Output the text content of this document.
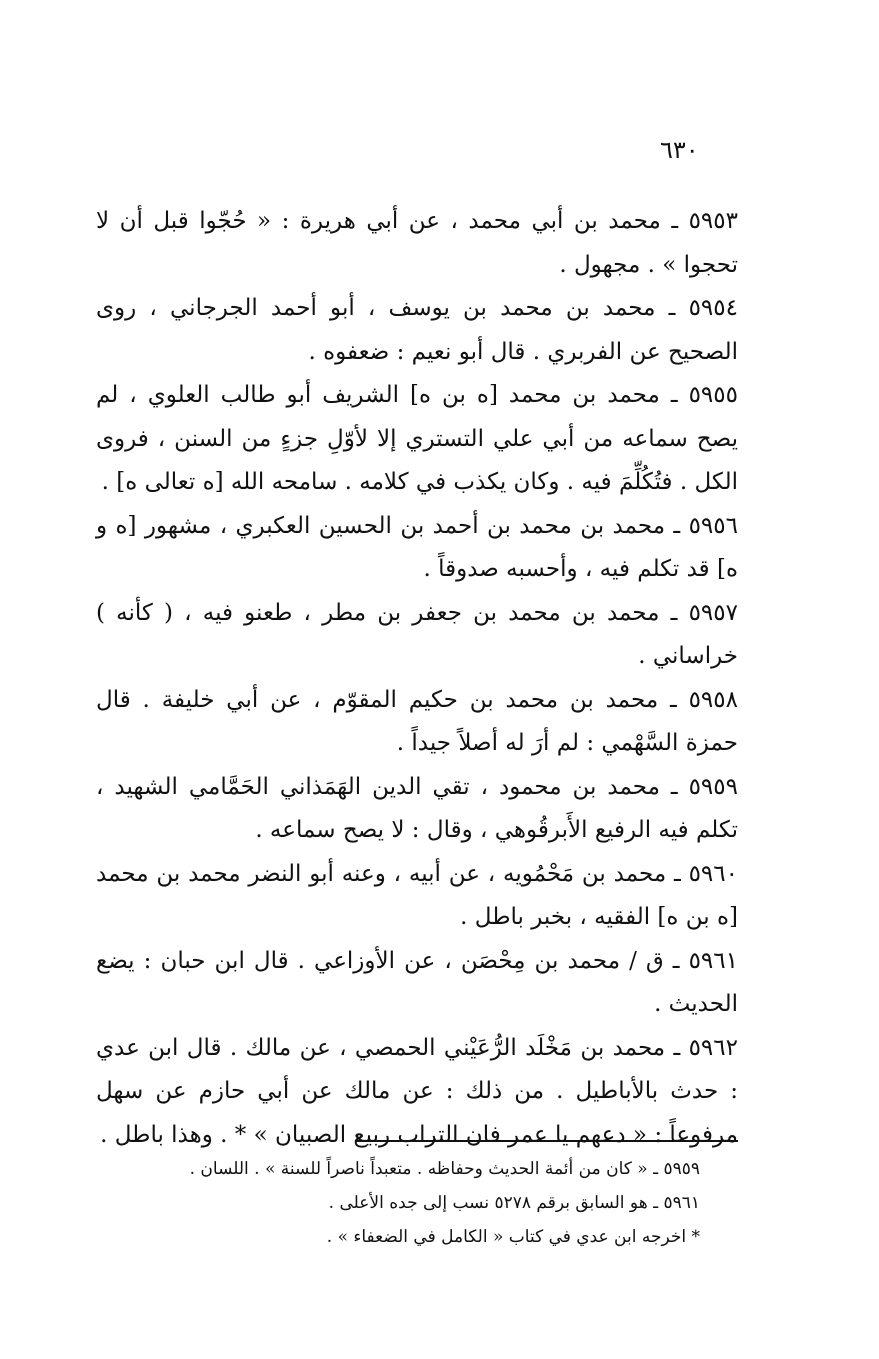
٦٣٠

٥٩٥٣ ـ محمد بن أبي محمد ، عن أبي هريرة : « حُجّوا قبل أن لا تحجوا » . مجهول .

٥٩٥٤ ـ محمد بن محمد بن يوسف ، أبو أحمد الجرجاني ، روى الصحيح عن الفربري . قال أبو نعيم : ضعفوه .

٥٩٥٥ ـ محمد بن محمد [ه بن ه] الشريف أبو طالب العلوي ، لم يصح سماعه من أبي علي التستري إلا لأوّلِ جزءٍ من السنن ، فروى الكل . فتُكُلِّمَ فيه . وكان يكذب في كلامه . سامحه الله [ه تعالى ه] .

٥٩٥٦ ـ محمد بن محمد بن أحمد بن الحسين العكبري ، مشهور [ه و ه] قد تكلم فيه ، وأحسبه صدوقاً .

٥٩٥٧ ـ محمد بن محمد بن جعفر بن مطر ، طعنو فيه ، ( كأنه ) خراساني .

٥٩٥٨ ـ محمد بن محمد بن حكيم المقوّم ، عن أبي خليفة . قال حمزة السَّهْمي : لم أرَ له أصلاً جيداً .

٥٩٥٩ ـ محمد بن محمود ، تقي الدين الهَمَذاني الحَمَّامي الشهيد ، تكلم فيه الرفيع الأَبرقُوهي ، وقال : لا يصح سماعه .

٥٩٦٠ ـ محمد بن مَحْمُويه ، عن أبيه ، وعنه أبو النضر محمد بن محمد [ه بن ه] الفقيه ، بخبر باطل .

٥٩٦١ ـ ق / محمد بن مِحْصَن ، عن الأوزاعي . قال ابن حبان : يضع الحديث .

٥٩٦٢ ـ محمد بن مَخْلَد الرُّعَيْني الحمصي ، عن مالك . قال ابن عدي : حدث بالأباطيل . من ذلك : عن مالك عن أبي حازم عن سهل مرفوعاً : « دعهم يا عمر فان التراب ربيع الصبيان » * . وهذا باطل .

٥٩٥٩ ـ « كان من أئمة الحديث وحفاظه . متعبداً ناصراً للسنة » . اللسان .

٥٩٦١ ـ هو السابق برقم ٥٢٧٨ نسب إلى جده الأعلى .

* اخرجه ابن عدي في كتاب « الكامل في الضعفاء » .
